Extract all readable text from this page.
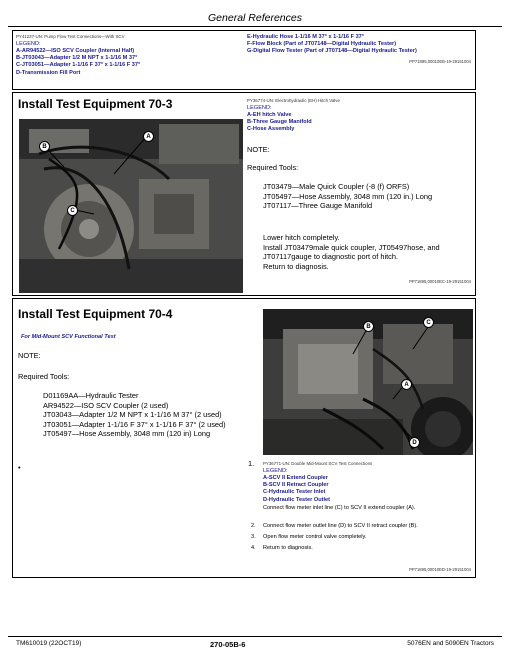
General References
PY41237-UN: Pump Flow Test Connections—With SCV
LEGEND:
A-AR94522—ISO SCV Coupler (Internal Half)
B-JT03043—Adapter 1/2 M NPT x 1-1/16 M 37°
C-JT03051—Adapter 1-1/16 F 37° x 1-1/16 F 37°
D-Transmission Fill Port
E-Hydraulic Hose 1-1/16 M 37° x 1-1/16 F 37°
F-Flow Block (Part of JT07148—Digital Hydraulic Tester)
G-Digital Flow Tester (Part of JT07148—Digital Hydraulic Tester)
PP71895,00010EB-19-29151004
Install Test Equipment 70-3
A
B
C
PY36774-UN: Electrohydraulic (EH) Hitch Valve
LEGEND:
A-EH hitch Valve
B-Three Gauge Manifold
C-Hose Assembly
NOTE:
Required Tools:
JT03479—Male Quick Coupler (-8 (f) ORFS)
JT05497—Hose Assembly, 3048 mm (120 in.) Long
JT07117—Three Gauge Manifold
Lower hitch completely.
Install JT03479male quick coupler, JT05497hose, and JT07117gauge to diagnostic port of hitch.
Return to diagnosis.
PP71895,00010EC-19-29151004
Install Test Equipment 70-4
For Mid-Mount SCV Functional Test
NOTE:
Required Tools:
D01169AA—Hydraulic Tester
AR94522—ISO SCV Coupler (2 used)
JT03043—Adapter 1/2 M NPT x 1-1/16 M 37° (2 used)
JT03051—Adapter 1-1/16 F 37° x 1-1/16 F 37° (2 used)
JT05497—Hose Assembly, 3048 mm (120 in) Long
•
B
C
A
D
1. PY36771-UN: Double Mid-Mount SCV Test Connections
LEGEND:
A-SCV II Extend Coupler
B-SCV II Retract Coupler
C-Hydraulic Tester Inlet
D-Hydraulic Tester Outlet
Connect flow meter inlet line (C) to SCV II extend coupler (A).
2.	Connect flow meter outlet line (D) to SCV II retract coupler (B).
3.	Open flow meter control valve completely.
4.	Return to diagnosis.
PP71895,00010ED-19-29151004
TM610019 (22OCT19)	270-05B-6	5076EN and 5090EN Tractors
